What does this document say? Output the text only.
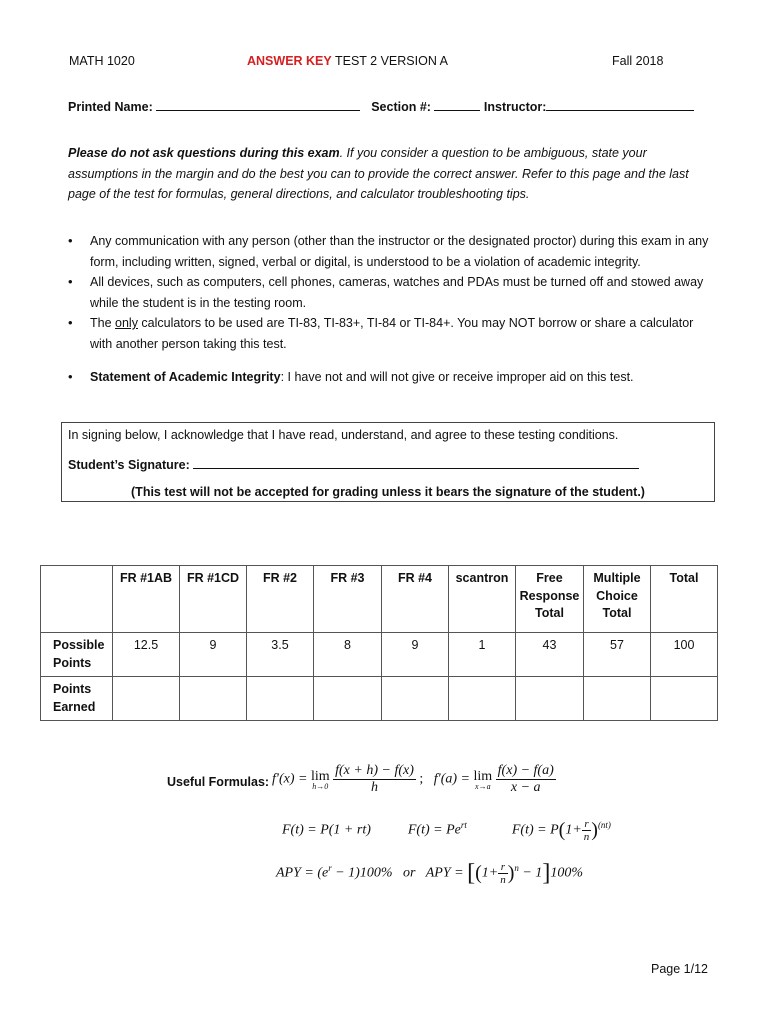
MATH 1020	ANSWER KEY TEST 2 VERSION A	Fall 2018
Printed Name:	Section #:	Instructor:
Please do not ask questions during this exam. If you consider a question to be ambiguous, state your assumptions in the margin and do the best you can to provide the correct answer. Refer to this page and the last page of the test for formulas, general directions, and calculator troubleshooting tips.
• Any communication with any person (other than the instructor or the designated proctor) during this exam in any form, including written, signed, verbal or digital, is understood to be a violation of academic integrity.
• All devices, such as computers, cell phones, cameras, watches and PDAs must be turned off and stowed away while the student is in the testing room.
• The only calculators to be used are TI-83, TI-83+, TI-84 or TI-84+. You may NOT borrow or share a calculator with another person taking this test.
• Statement of Academic Integrity: I have not and will not give or receive improper aid on this test.
In signing below, I acknowledge that I have read, understand, and agree to these testing conditions.
Student’s Signature:
(This test will not be accepted for grading unless it bears the signature of the student.)
	FR #1AB	FR #1CD	FR #2	FR #3	FR #4	scantron	Free Response Total	Multiple Choice Total	Total
Possible Points	12.5	9	3.5	8	9	1	43	57	100
Points Earned									
Useful Formulas: f′(x) = lim
h→0
$\frac{f(x + h) - f(x)}{h}$ ; f′(a) = lim
x→a
$\frac{f(x) - f(a)}{x - a}$
F(t) = P(1 + rt)  $F(t) = Pe^{rt}$	$F(t) = P(1+ \frac{r}{n} )^{(nt)}$
APY = $(e^r - 1)100\%$   or   APY = $[(1+ \frac{r}{n} )^n - 1]100\%$
Page 1/12
